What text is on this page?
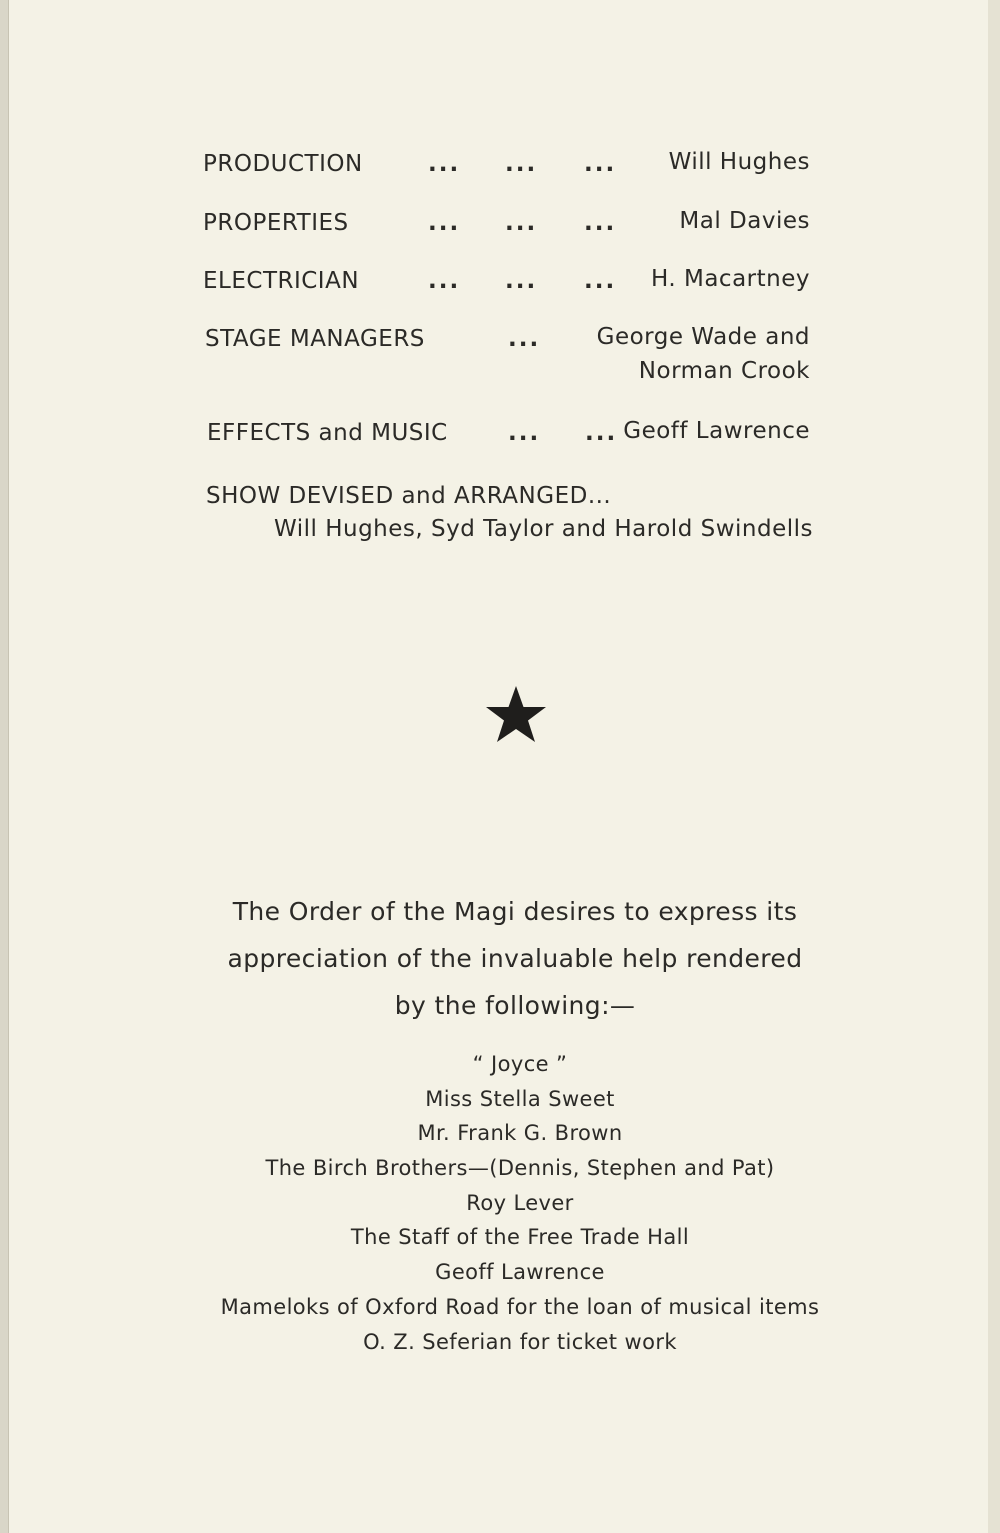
PRODUCTION	... ... ... Will Hughes
PROPERTIES	... ... ...	Mal Davies
ELECTRICIAN	... ... ... H. Macartney
STAGE MANAGERS	... George Wade and
Norman Crook
EFFECTS and MUSIC	... ... Geoff Lawrence
SHOW DEVISED and ARRANGED...
Will Hughes, Syd Taylor and Harold Swindells
The Order of the Magi desires to express its
appreciation of the invaluable help rendered
by the following:—
“ Joyce ”
Miss Stella Sweet
Mr. Frank G. Brown
The Birch Brothers—(Dennis, Stephen and Pat)
Roy Lever
The Staff of the Free Trade Hall
Geoff Lawrence
Mameloks of Oxford Road for the loan of musical items
O. Z. Seferian for ticket work
